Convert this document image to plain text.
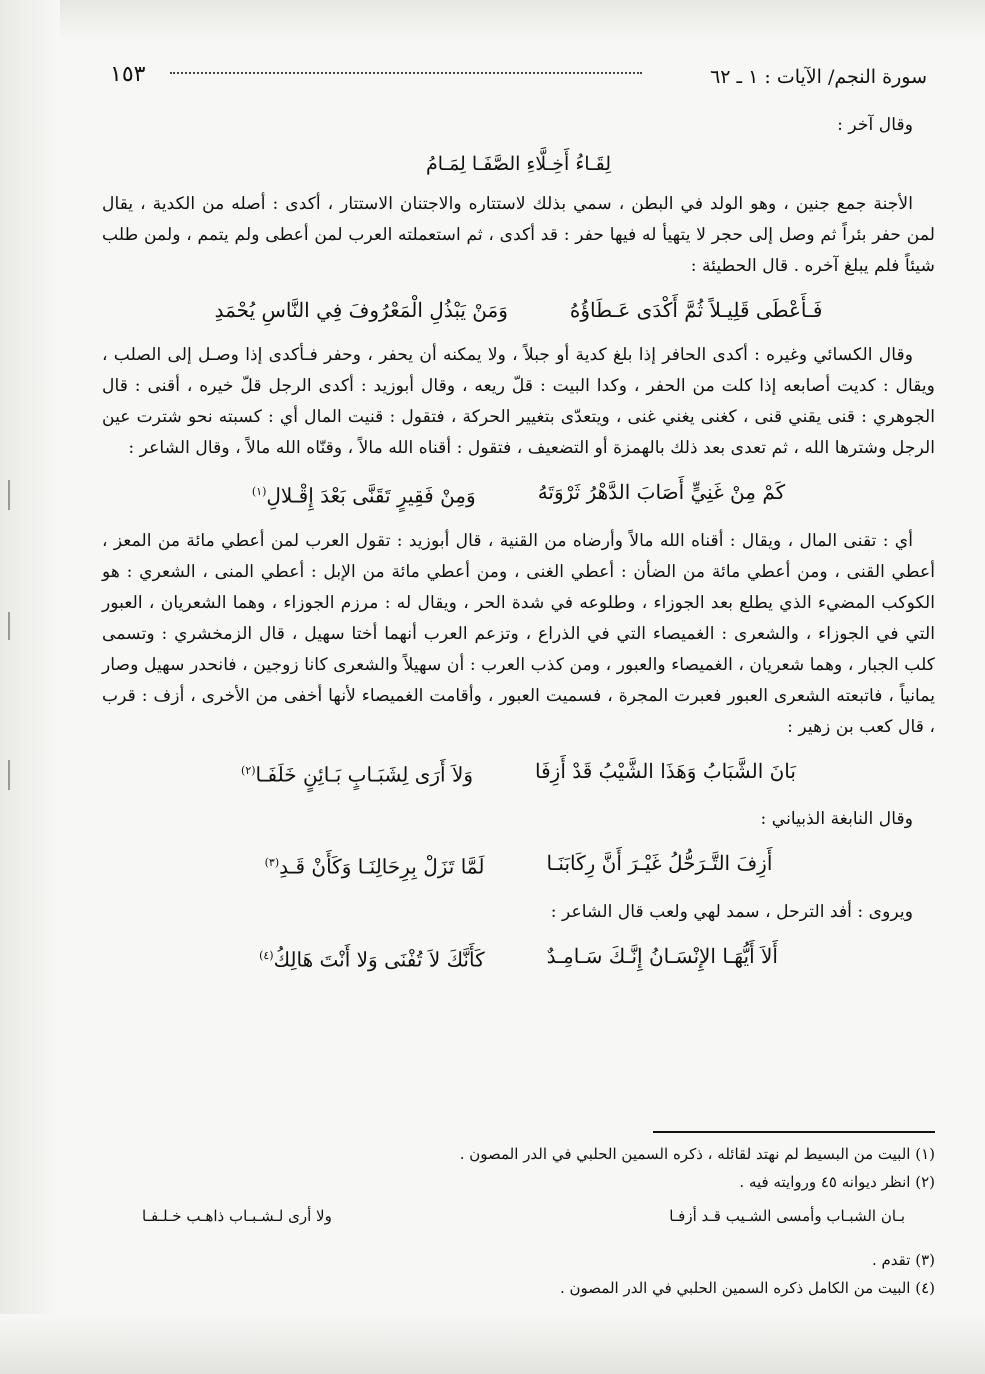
سورة النجم/ الآيات : ١ ـ ٦٢
١٥٣
وقال آخر :
لِقَـاءُ أَخِـلَّاءِ الصَّفَـا لِمَـامُ

الأجنة جمع جنين ، وهو الولد في البطن ، سمي بذلك لاستتاره والاجتنان الاستتار ، أكدى : أصله من الكدية ، يقال لمن حفر بئراً ثم وصل إلى حجر لا يتهيأ له فيها حفر : قد أكدى ، ثم استعملته العرب لمن أعطى ولم يتمم ، ولمن طلب شيئاً فلم يبلغ آخره . قال الحطيئة :

فَـأَعْطَى قَلِيـلاً ثُمَّ أَكْدَى عَـطَاؤُهُ
وَمَنْ يَبْذُلِ الْمَعْرُوفَ فِي النَّاسِ يُحْمَدِ

وقال الكسائي وغيره : أكدى الحافر إذا بلغ كدية أو جبلاً ، ولا يمكنه أن يحفر ، وحفر فـأكدى إذا وصـل إلى الصلب ، ويقال : كديت أصابعه إذا كلت من الحفر ، وكدا البيت : قلّ ريعه ، وقال أبوزيد : أكدى الرجل قلّ خيره ، أقنى : قال الجوهري : قنى يقني قنى ، كغنى يغني غنى ، ويتعدّى بتغيير الحركة ، فتقول : قنيت المال أي : كسبته نحو شترت عين الرجل وشترها الله ، ثم تعدى بعد ذلك بالهمزة أو التضعيف ، فتقول : أقناه الله مالاً ، وقنّاه الله مالاً ، وقال الشاعر :

كَمْ مِنْ غَنِيٍّ أَصَابَ الدَّهْرُ ثَرْوَتَهُ
وَمِنْ فَقِيرٍ تَقَنَّى بَعْدَ إِقْـلالِ$^{(١)}$

أي : تقنى المال ، ويقال : أقناه الله مالاً وأرضاه من القنية ، قال أبوزيد : تقول العرب لمن أعطي مائة من المعز ، أعطي القنى ، ومن أعطي مائة من الضأن : أعطي الغنى ، ومن أعطي مائة من الإبل : أعطي المنى ، الشعري : هو الكوكب المضيء الذي يطلع بعد الجوزاء ، وطلوعه في شدة الحر ، ويقال له : مرزم الجوزاء ، وهما الشعريان ، العبور التي في الجوزاء ، والشعرى : الغميصاء التي في الذراع ، وتزعم العرب أنهما أختا سهيل ، قال الزمخشري : وتسمى كلب الجبار ، وهما شعريان ، الغميصاء والعبور ، ومن كذب العرب : أن سهيلاً والشعرى كانا زوجين ، فانحدر سهيل وصار يمانياً ، فاتبعته الشعرى العبور فعبرت المجرة ، فسميت العبور ، وأقامت الغميصاء لأنها أخفى من الأخرى ، أزف : قرب ، قال كعب بن زهير :

بَانَ الشَّبَابُ وَهَذَا الشَّيْبُ قَدْ أَزِفَا
وَلاَ أَرَى لِشَبَـابٍ بَـائِنٍ خَلَفَـا$^{(٢)}$
وقال النابغة الذبياني :
أَزِفَ التَّـرَحُّلُ غَيْـرَ أَنَّ رِكَابَنَـا
لَمَّا تَزَلْ بِرِحَالِنَـا وَكَأَنْ قَـدِ$^{(٣)}$
ويروى : أفد الترحل ، سمد لهي ولعب قال الشاعر :
أَلاَ أَيُّهَـا الإِنْسَـانُ إِنَّـكَ سَـامِـدٌ
كَأَنَّكَ لاَ تُفْنَى وَلا أَنْتَ هَالِكُ$^{(٤)}$

(١) البيت من البسيط لم نهتد لقائله ، ذكره السمين الحلبي في الدر المصون .

(٢) انظر ديوانه ٤٥ وروايته فيه .

بـان الشبـاب وأمسى الشـيب قـد أزفـا
ولا أرى لـشـبـاب ذاهـب خـلـفـا

(٣) تقدم .

(٤) البيت من الكامل ذكره السمين الحلبي في الدر المصون .
